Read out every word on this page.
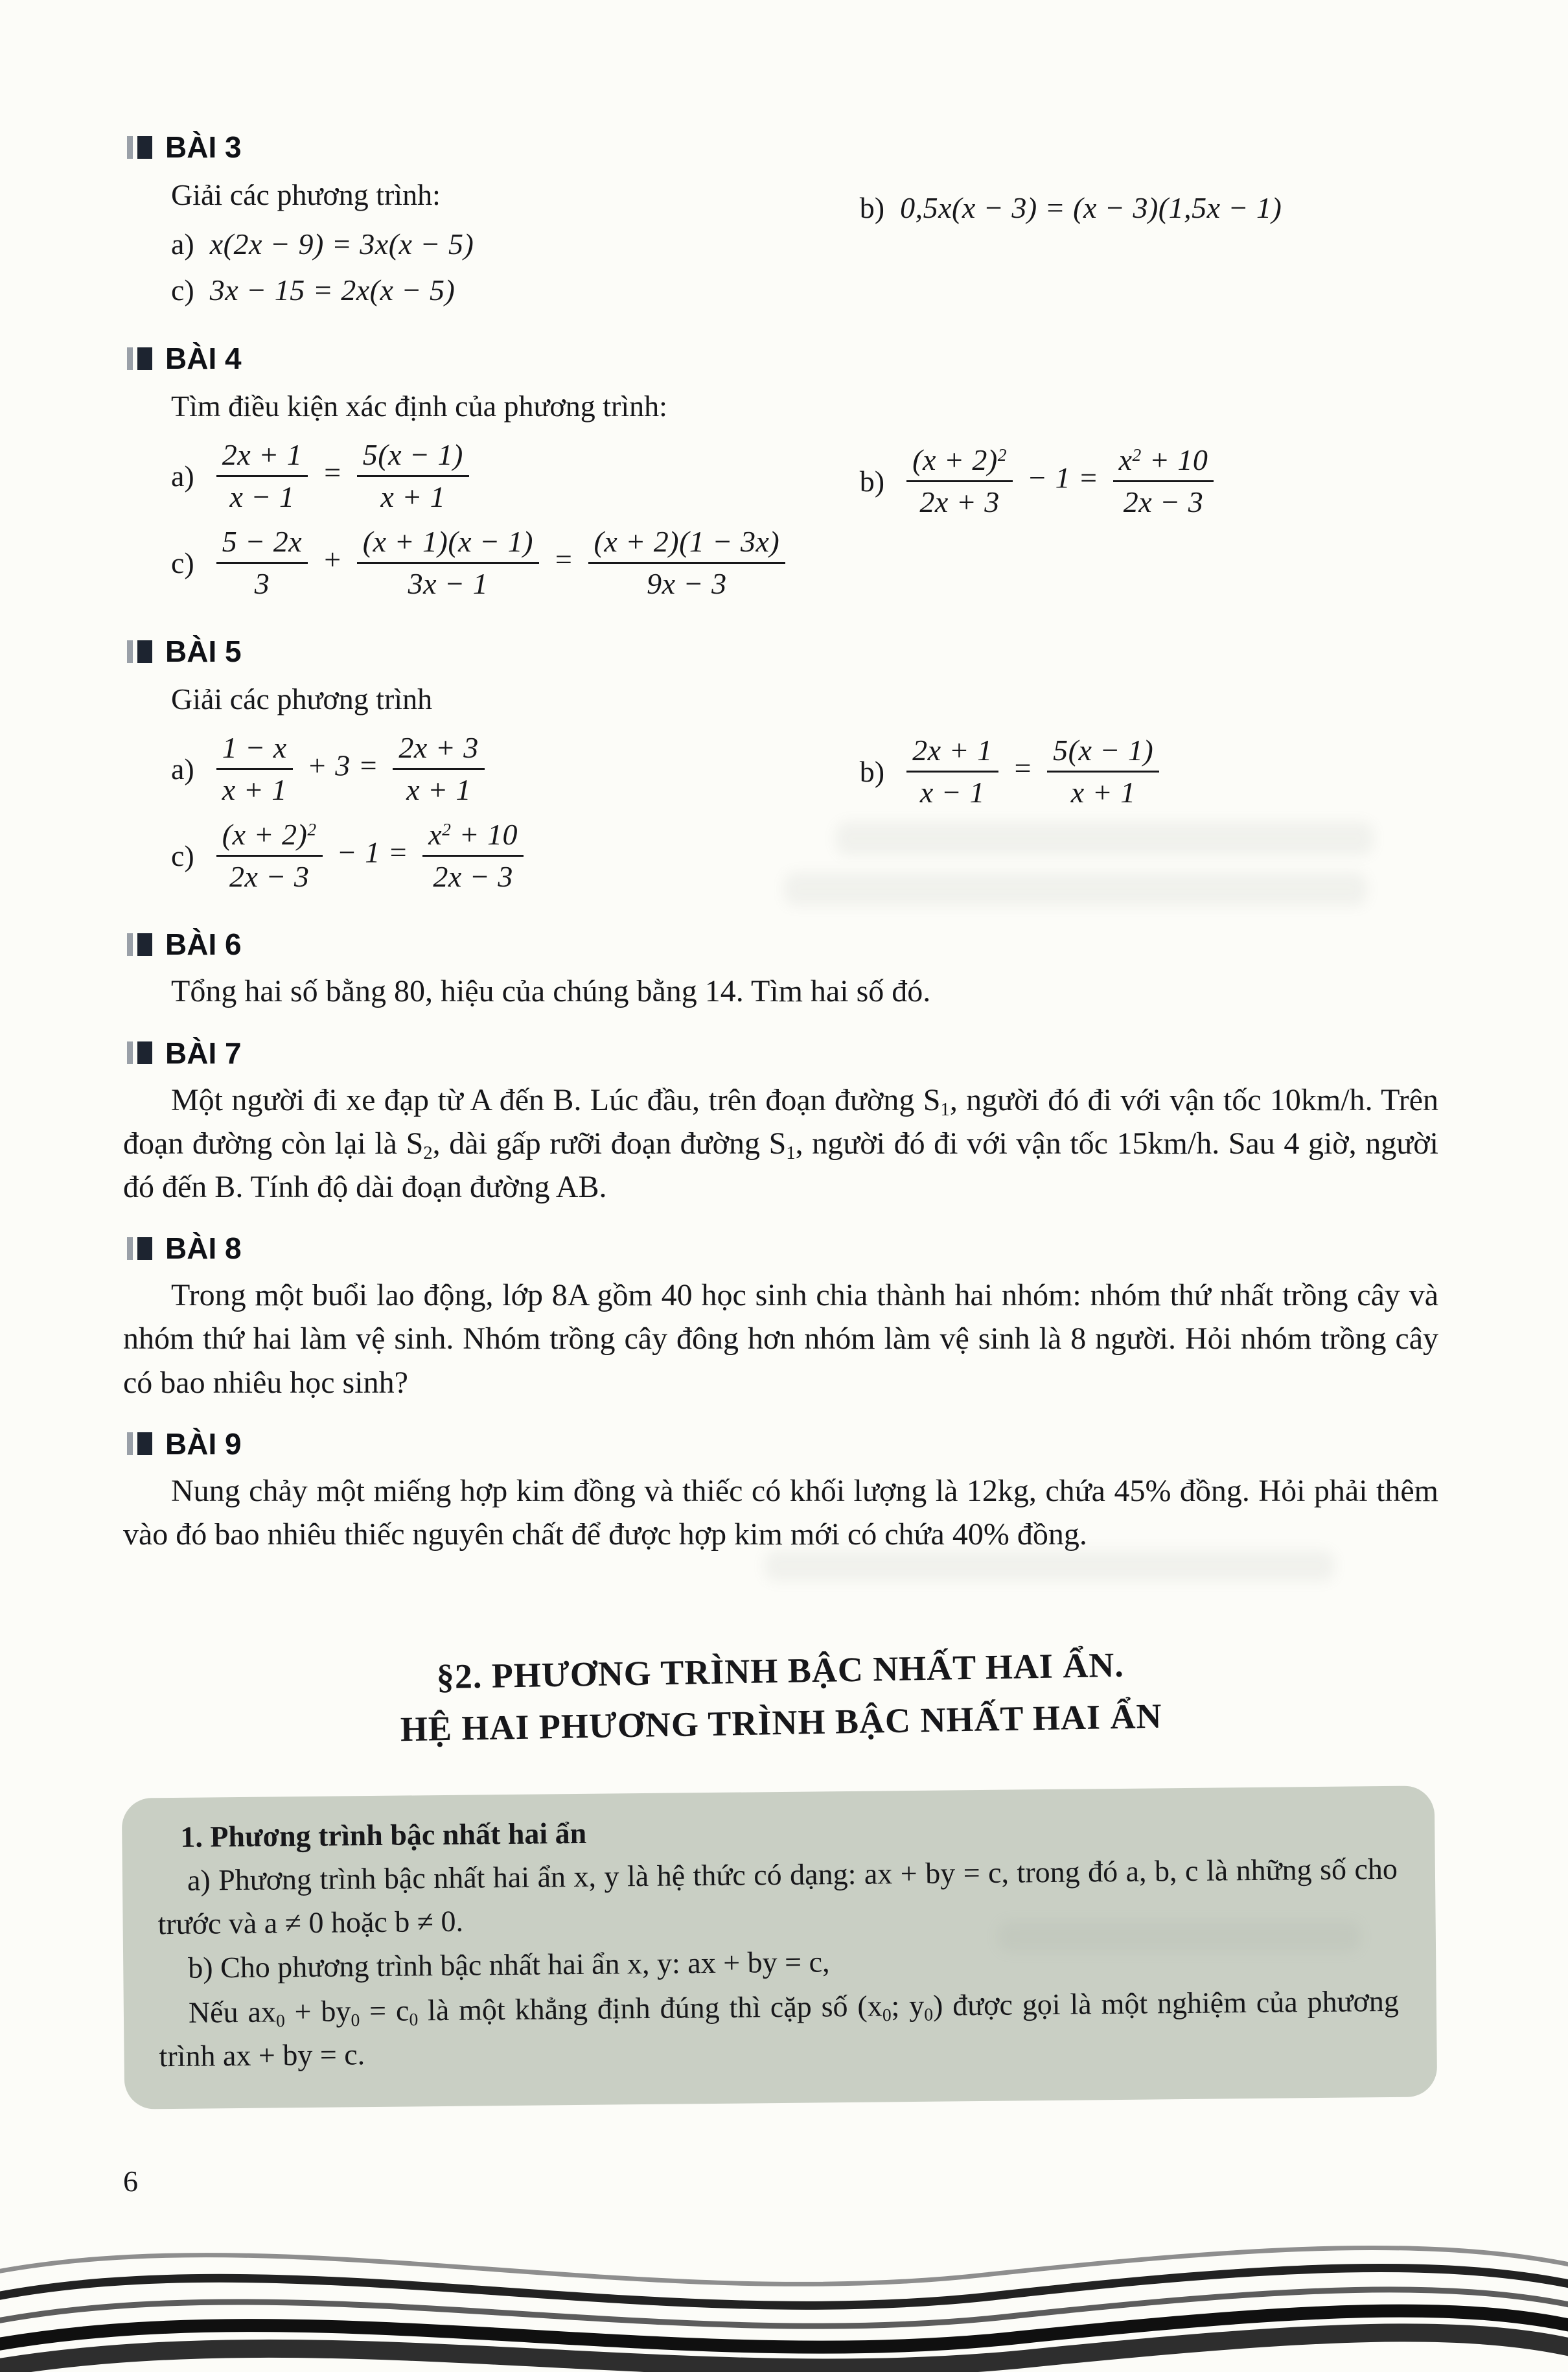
BÀI 3

Giải các phương trình:

a) x(2x − 9) = 3x(x − 5)
c) 3x − 15 = 2x(x − 5)
b) 0,5x(x − 3) = (x − 3)(1,5x − 1)
BÀI 4

Tìm điều kiện xác định của phương trình:

$a) \frac{2x + 1}{x - 1} = \frac{5(x - 1)}{x + 1}$
$c) \frac{5 - 2x}{3} + \frac{(x + 1)(x - 1)}{3x - 1} = \frac{(x + 2)(1 - 3x)}{9x - 3}$
$b) \frac{(x + 2)^2}{2x + 3} - 1 = \frac{x^2 + 10}{2x - 3}$
BÀI 5

Giải các phương trình

$a) \frac{1 - x}{x + 1} + 3 = \frac{2x + 3}{x + 1}$
$c) \frac{(x + 2)^2}{2x - 3} - 1 = \frac{x^2 + 10}{2x - 3}$
$b) \frac{2x + 1}{x - 1} = \frac{5(x - 1)}{x + 1}$
BÀI 6

Tổng hai số bằng 80, hiệu của chúng bằng 14. Tìm hai số đó.

BÀI 7

Một người đi xe đạp từ A đến B. Lúc đầu, trên đoạn đường $S_1$, người đó đi với vận tốc 10km/h. Trên đoạn đường còn lại là $S_2$, dài gấp rưỡi đoạn đường $S_1$, người đó đi với vận tốc 15km/h. Sau 4 giờ, người đó đến B. Tính độ dài đoạn đường AB.

BÀI 8

Trong một buổi lao động, lớp 8A gồm 40 học sinh chia thành hai nhóm: nhóm thứ nhất trồng cây và nhóm thứ hai làm vệ sinh. Nhóm trồng cây đông hơn nhóm làm vệ sinh là 8 người. Hỏi nhóm trồng cây có bao nhiêu học sinh?

BÀI 9

Nung chảy một miếng hợp kim đồng và thiếc có khối lượng là 12kg, chứa 45% đồng. Hỏi phải thêm vào đó bao nhiêu thiếc nguyên chất để được hợp kim mới có chứa 40% đồng.

§2. PHƯƠNG TRÌNH BẬC NHẤT HAI ẨN.
HỆ HAI PHƯƠNG TRÌNH BẬC NHẤT HAI ẨN

1. Phương trình bậc nhất hai ẩn

a) Phương trình bậc nhất hai ẩn x, y là hệ thức có dạng: ax + by = c, trong đó a, b, c là những số cho trước và a ≠ 0 hoặc b ≠ 0.

b) Cho phương trình bậc nhất hai ẩn x, y: ax + by = c,

Nếu $ax_0 + by_0 = c_0$ là một khẳng định đúng thì cặp số ($x_0$; $y_0$) được gọi là một nghiệm của phương trình ax + by = c.

6
